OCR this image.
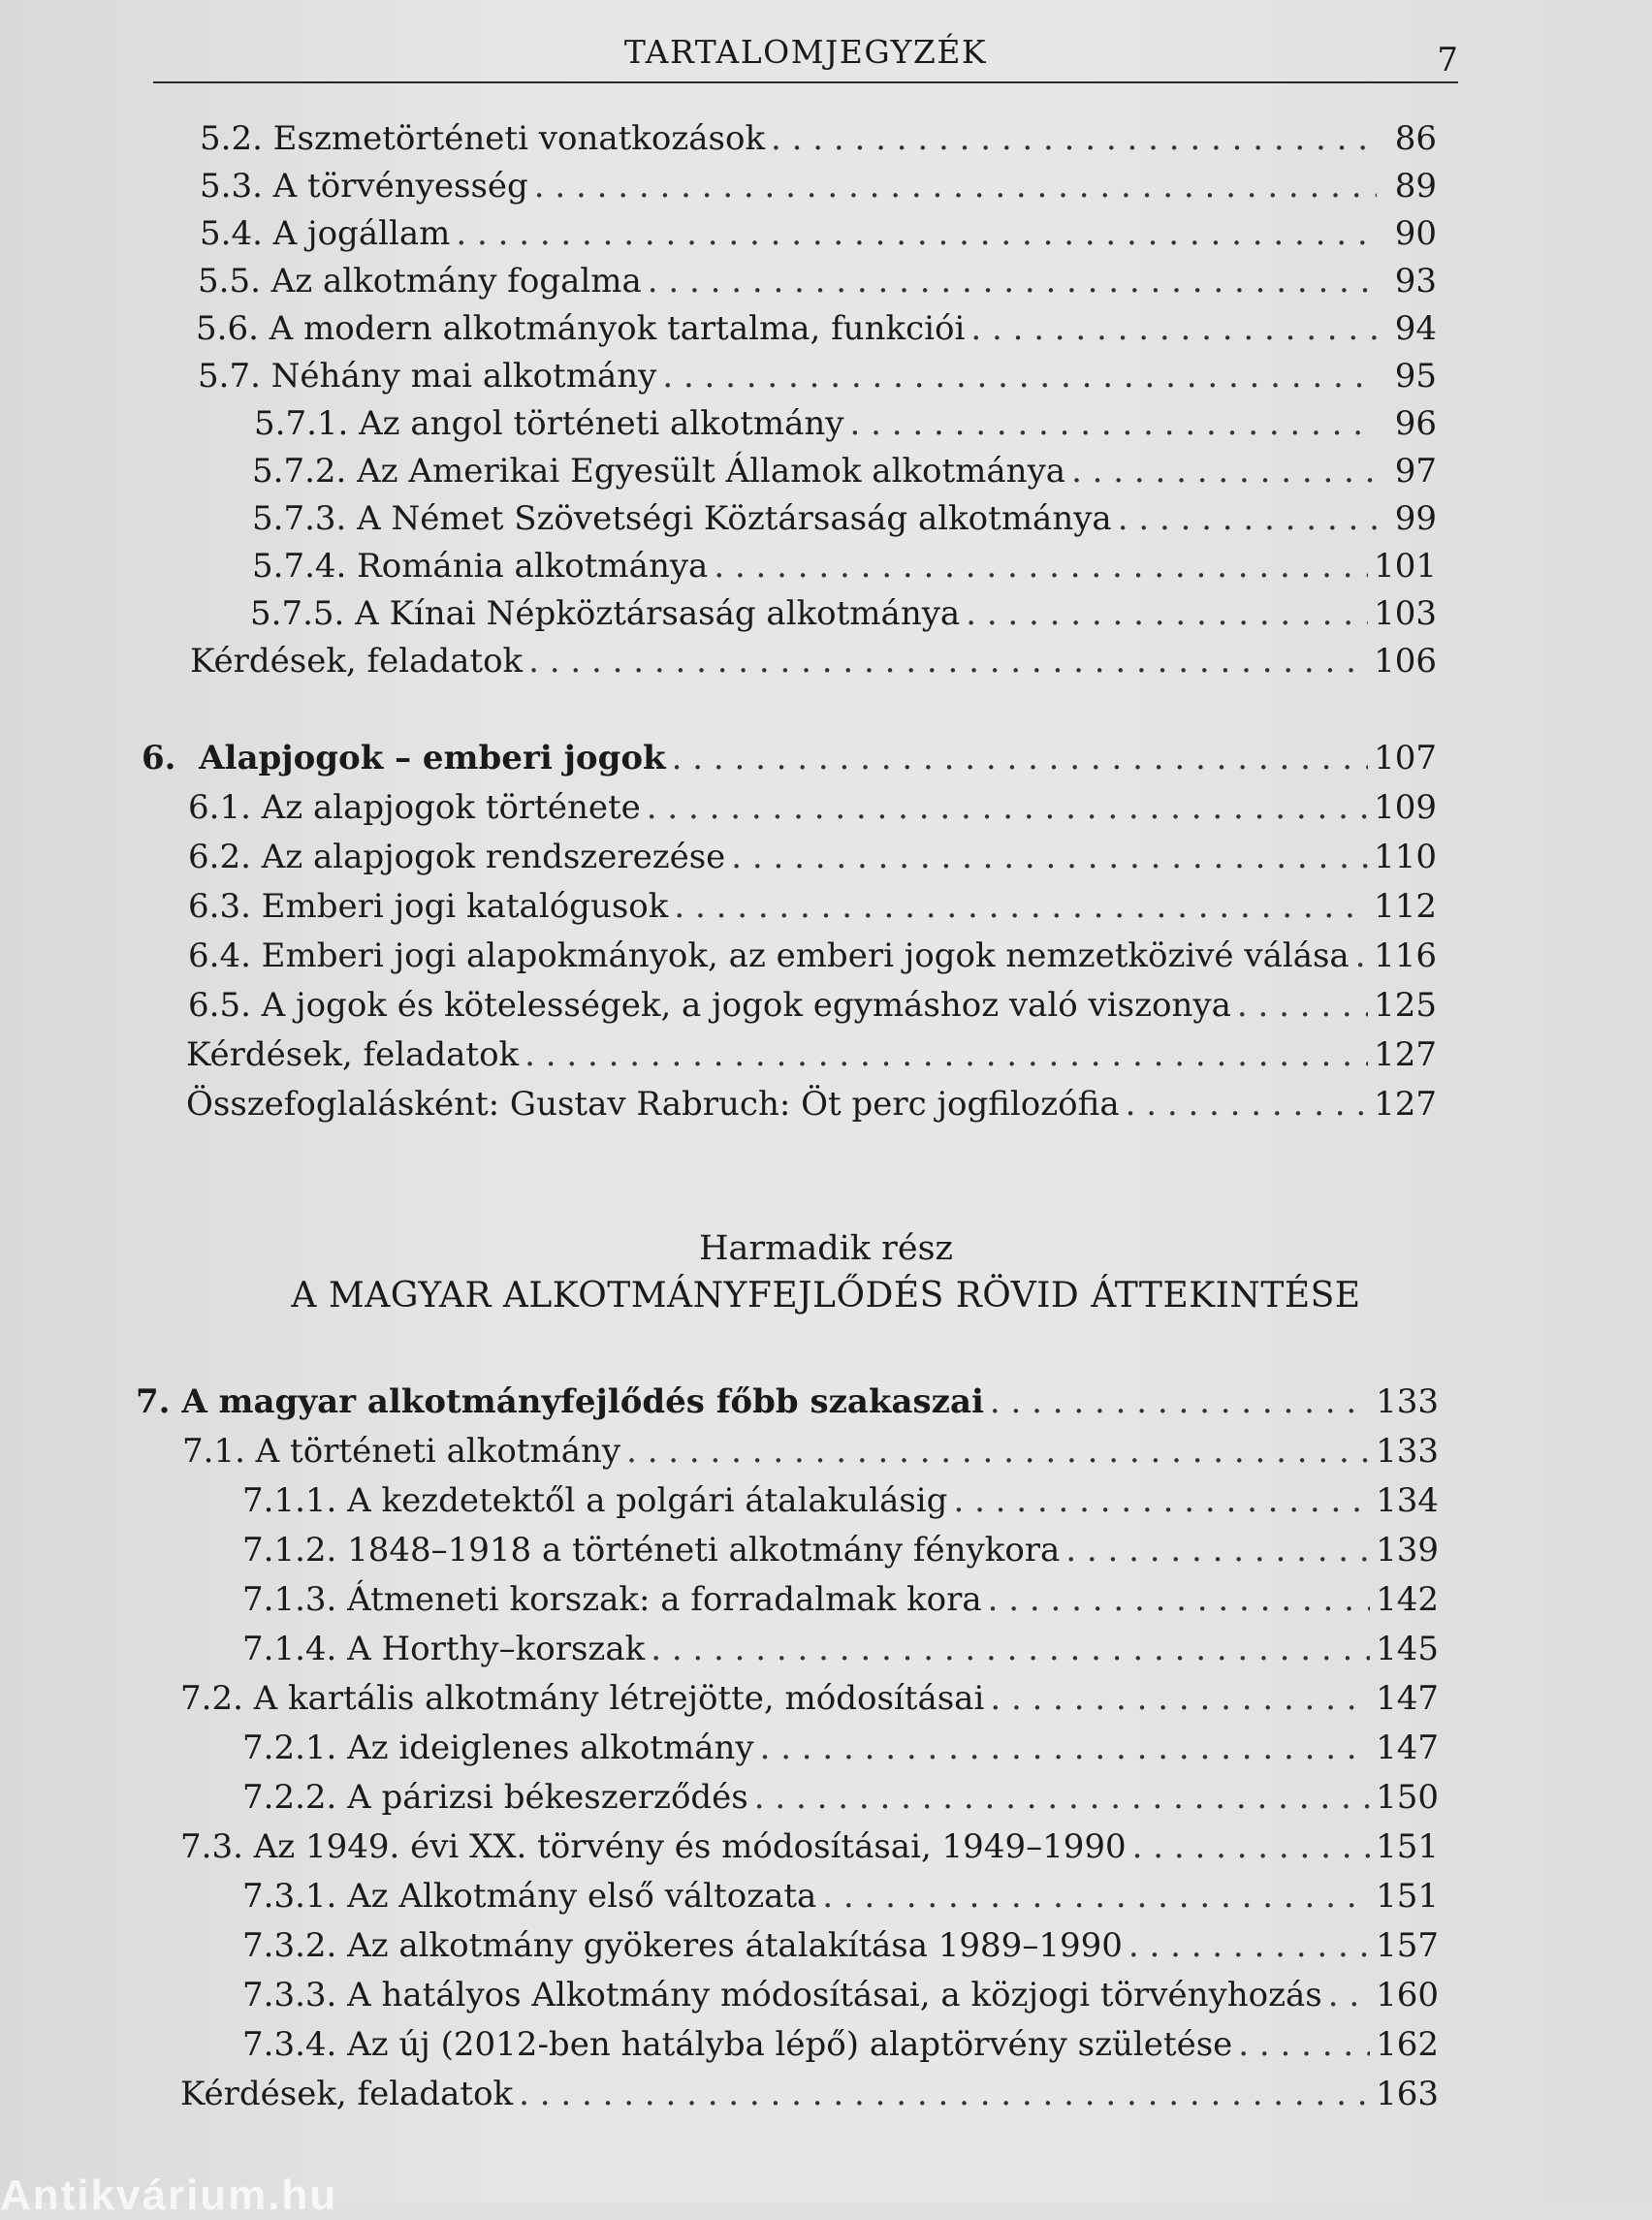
TARTALOMJEGYZÉK	7
5.2. Eszmetörténeti vonatkozások . . .	86
5.3. A törvényesség . . .	89
5.4. A jogállam . . .	90
5.5. Az alkotmány fogalma . . .	93
5.6. A modern alkotmányok tartalma, funkciói . . .	94
5.7. Néhány mai alkotmány . . .	95
5.7.1. Az angol történeti alkotmány . . .	96
5.7.2. Az Amerikai Egyesült Államok alkotmánya . . .	97
5.7.3. A Német Szövetségi Köztársaság alkotmánya . . .	99
5.7.4. Románia alkotmánya . . .	101
5.7.5. A Kínai Népköztársaság alkotmánya . . .	103
Kérdések, feladatok . . .	106
6.  Alapjogok – emberi jogok . . .	107
6.1. Az alapjogok története . . .	109
6.2. Az alapjogok rendszerezése . . .	110
6.3. Emberi jogi katalógusok . . .	112
6.4. Emberi jogi alapokmányok, az emberi jogok nemzetközivé válása . . . 116
6.5. A jogok és kötelességek, a jogok egymáshoz való viszonya . . .	125
Kérdések, feladatok . . .	127
Összefoglalásként: Gustav Rabruch: Öt perc jogfilozófia . . .	127
Harmadik rész
A MAGYAR ALKOTMÁNYFEJLŐDÉS RÖVID ÁTTEKINTÉSE
7. A magyar alkotmányfejlődés főbb szakaszai . . .	133
7.1. A történeti alkotmány . . .	133
7.1.1. A kezdetektől a polgári átalakulásig . . .	134
7.1.2. 1848–1918 a történeti alkotmány fénykora . . .	139
7.1.3. Átmeneti korszak: a forradalmak kora . . .	142
7.1.4. A Horthy–korszak . . .	145
7.2. A kartális alkotmány létrejötte, módosításai . . .	147
7.2.1. Az ideiglenes alkotmány . . .	147
7.2.2. A párizsi békeszerződés . . .	150
7.3. Az 1949. évi XX. törvény és módosításai, 1949–1990 . . .	151
7.3.1. Az Alkotmány első változata . . .	151
7.3.2. Az alkotmány gyökeres átalakítása 1989–1990 . . .	157
7.3.3. A hatályos Alkotmány módosításai, a közjogi törvényhozás . . . 160
7.3.4. Az új (2012-ben hatályba lépő) alaptörvény születése . . .	162
Kérdések, feladatok . . .	163
Antikvárium.hu
